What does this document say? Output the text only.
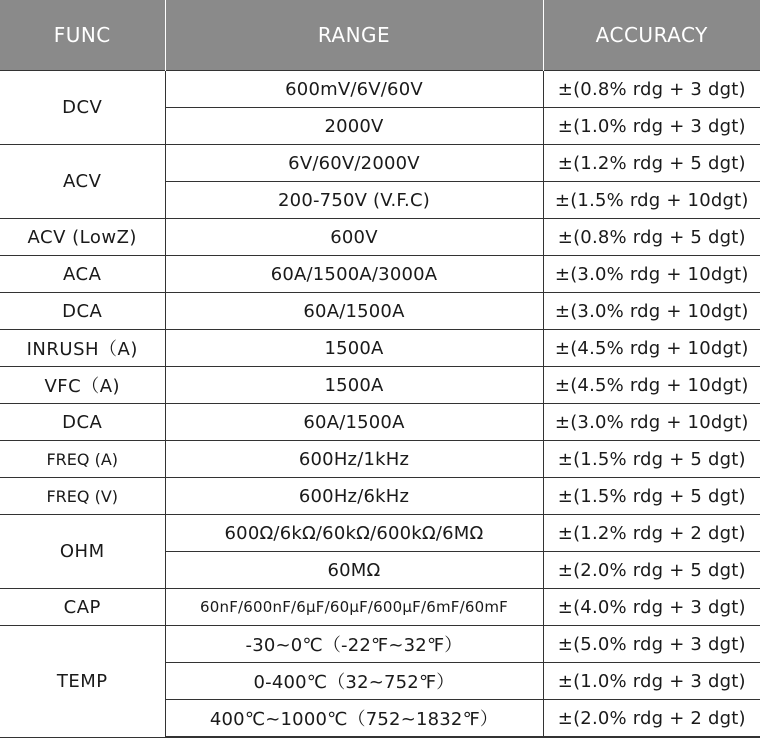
FUNC	RANGE	ACCURACY
DCV	600mV/6V/60V	±(0.8% rdg + 3 dgt)
	2000V	±(1.0% rdg + 3 dgt)
ACV	6V/60V/2000V	±(1.2% rdg + 5 dgt)
	200-750V (V.F.C)	±(1.5% rdg + 10dgt)
ACV (LowZ)	600V	±(0.8% rdg + 5 dgt)
ACA	60A/1500A/3000A	±(3.0% rdg + 10dgt)
DCA	60A/1500A	±(3.0% rdg + 10dgt)
INRUSH（A)	1500A	±(4.5% rdg + 10dgt)
VFC（A)	1500A	±(4.5% rdg + 10dgt)
DCA	60A/1500A	±(3.0% rdg + 10dgt)
FREQ (A)	600Hz/1kHz	±(1.5% rdg + 5 dgt)
FREQ (V)	600Hz/6kHz	±(1.5% rdg + 5 dgt)
OHM	600Ω/6kΩ/60kΩ/600kΩ/6MΩ	±(1.2% rdg + 2 dgt)
	60MΩ	±(2.0% rdg + 5 dgt)
CAP	60nF/600nF/6μF/60μF/600μF/6mF/60mF	±(4.0% rdg + 3 dgt)
TEMP	-30~0℃（-22℉~32℉）	±(5.0% rdg + 3 dgt)
	0-400℃（32~752℉）	±(1.0% rdg + 3 dgt)
	400℃~1000℃（752~1832℉）	±(2.0% rdg + 2 dgt)
